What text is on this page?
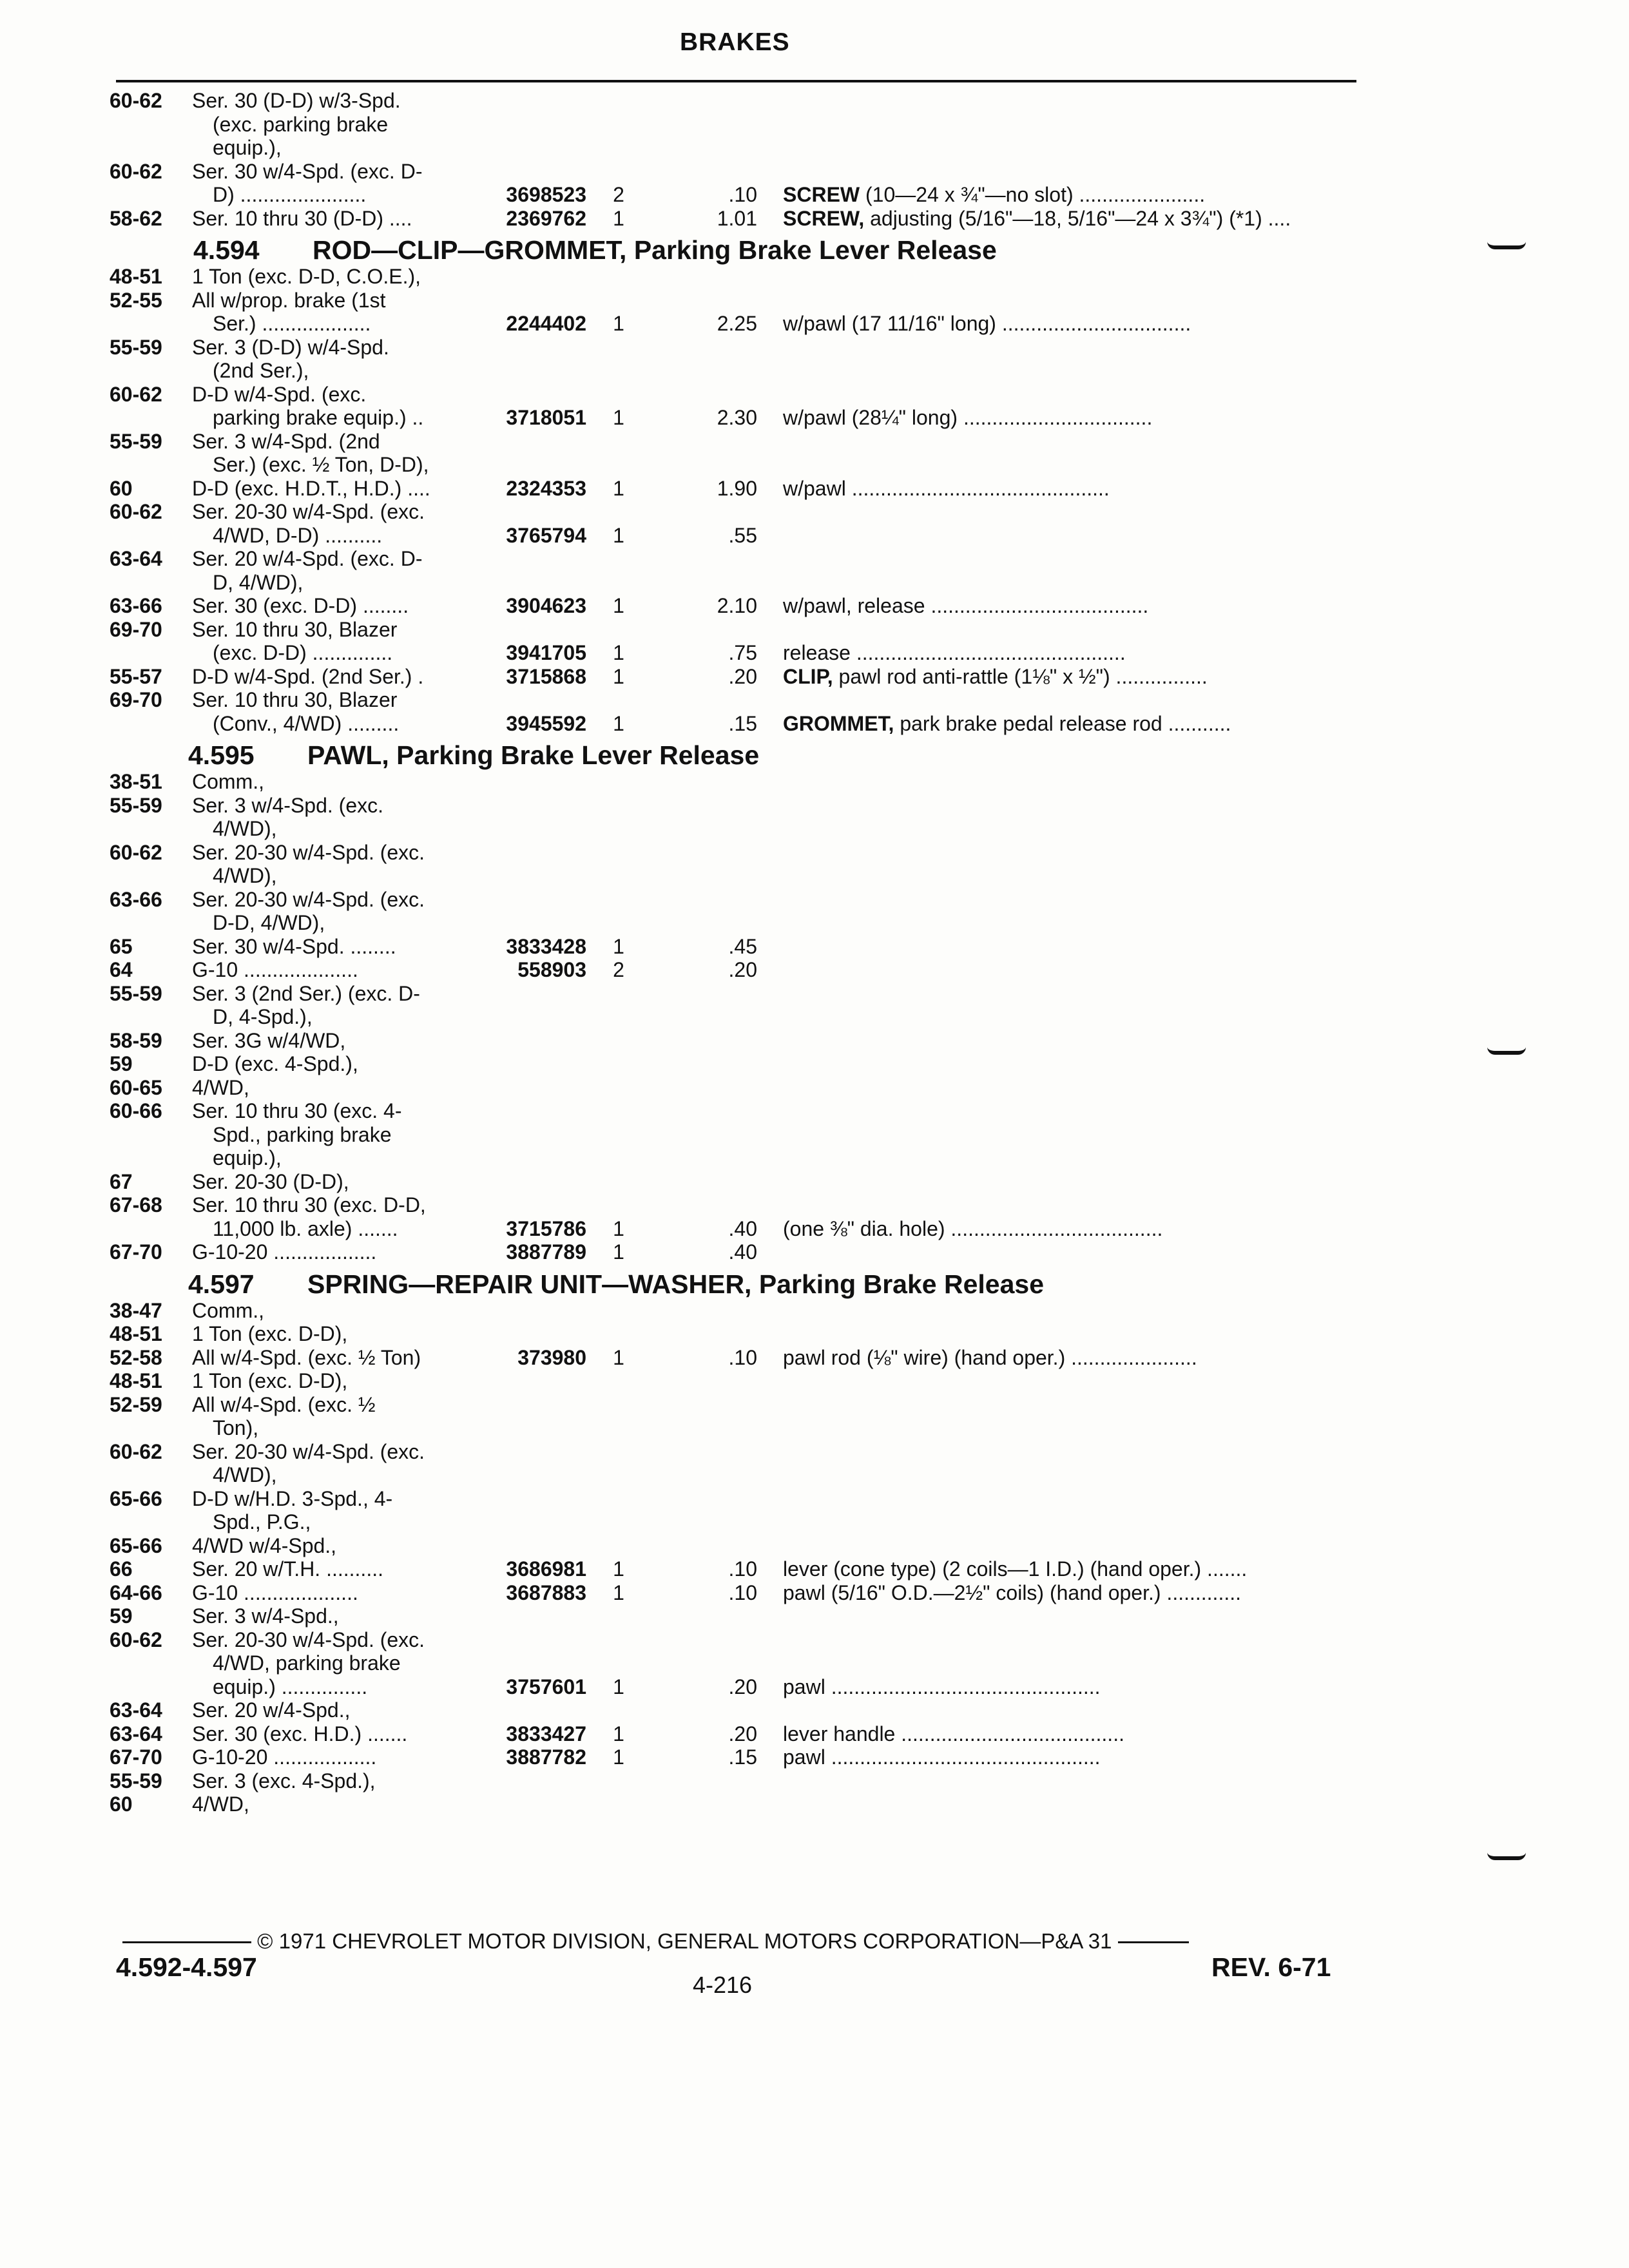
BRAKES
60-62	Ser. 30 (D-D) w/3-Spd.
(exc. parking brake
equip.),
60-62	Ser. 30 w/4-Spd. (exc. D-
D) ......................	3698523	2	.10 SCREW (10—24 x ¾"—no slot) ......................
58-62	Ser. 10 thru 30 (D-D) ....	2369762	1	1.01 SCREW, adjusting (5/16"—18, 5/16"—24 x 3¾") (*1) ....
4.594 ROD—CLIP—GROMMET, Parking Brake Lever Release
48-51	1 Ton (exc. D-D, C.O.E.),
52-55	All w/prop. brake (1st
Ser.) ...................	2244402	1	2.25 w/pawl (17 11/16" long) .................................
55-59	Ser. 3 (D-D) w/4-Spd.
(2nd Ser.),
60-62	D-D w/4-Spd. (exc.
parking brake equip.) ..	3718051	1	2.30 w/pawl (28¼" long) .................................
55-59	Ser. 3 w/4-Spd. (2nd
Ser.) (exc. ½ Ton, D-D),
60	D-D (exc. H.D.T., H.D.) ....	2324353	1	1.90 w/pawl .............................................
60-62	Ser. 20-30 w/4-Spd. (exc.
4/WD, D-D) ..........	3765794	1	.55
63-64	Ser. 20 w/4-Spd. (exc. D-
D, 4/WD),
63-66	Ser. 30 (exc. D-D) ........	3904623	1	2.10 w/pawl, release ......................................
69-70	Ser. 10 thru 30, Blazer
(exc. D-D) ..............	3941705	1	.75 release ...............................................
55-57	D-D w/4-Spd. (2nd Ser.) .	3715868	1	.20 CLIP, pawl rod anti-rattle (1⅛" x ½") ................
69-70	Ser. 10 thru 30, Blazer
(Conv., 4/WD) .........	3945592	1	.15 GROMMET, park brake pedal release rod ...........
4.595 PAWL, Parking Brake Lever Release
38-51	Comm.,
55-59	Ser. 3 w/4-Spd. (exc.
4/WD),
60-62	Ser. 20-30 w/4-Spd. (exc.
4/WD),
63-66	Ser. 20-30 w/4-Spd. (exc.
D-D, 4/WD),
65	Ser. 30 w/4-Spd. ........	3833428	1	.45
64	G-10 ....................	558903	2	.20
55-59	Ser. 3 (2nd Ser.) (exc. D-
D, 4-Spd.),
58-59	Ser. 3G w/4/WD,
59	D-D (exc. 4-Spd.),
60-65	4/WD,
60-66	Ser. 10 thru 30 (exc. 4-
Spd., parking brake
equip.),
67	Ser. 20-30 (D-D),
67-68	Ser. 10 thru 30 (exc. D-D,
11,000 lb. axle) .......	3715786	1	.40 (one ⅜" dia. hole) .....................................
67-70	G-10-20 ..................	3887789	1	.40
4.597 SPRING—REPAIR UNIT—WASHER, Parking Brake Release
38-47	Comm.,
48-51	1 Ton (exc. D-D),
52-58	All w/4-Spd. (exc. ½ Ton)	373980	1	.10 pawl rod (⅛" wire) (hand oper.) ......................
48-51	1 Ton (exc. D-D),
52-59	All w/4-Spd. (exc. ½
Ton),
60-62	Ser. 20-30 w/4-Spd. (exc.
4/WD),
65-66	D-D w/H.D. 3-Spd., 4-
Spd., P.G.,
65-66	4/WD w/4-Spd.,
66	Ser. 20 w/T.H. ..........	3686981	1	.10 lever (cone type) (2 coils—1 I.D.) (hand oper.) .......
64-66	G-10 ....................	3687883	1	.10 pawl (5/16" O.D.—2½" coils) (hand oper.) .............
59	Ser. 3 w/4-Spd.,
60-62	Ser. 20-30 w/4-Spd. (exc.
4/WD, parking brake
equip.) ...............	3757601	1	.20 pawl ...............................................
63-64	Ser. 20 w/4-Spd.,
63-64	Ser. 30 (exc. H.D.) .......	3833427	1	.20 lever handle .......................................
67-70	G-10-20 ..................	3887782	1	.15 pawl ...............................................
55-59	Ser. 3 (exc. 4-Spd.),
60	4/WD,
© 1971 CHEVROLET MOTOR DIVISION, GENERAL MOTORS CORPORATION—P&A 31
4.592-4.597
4-216
REV. 6-71
